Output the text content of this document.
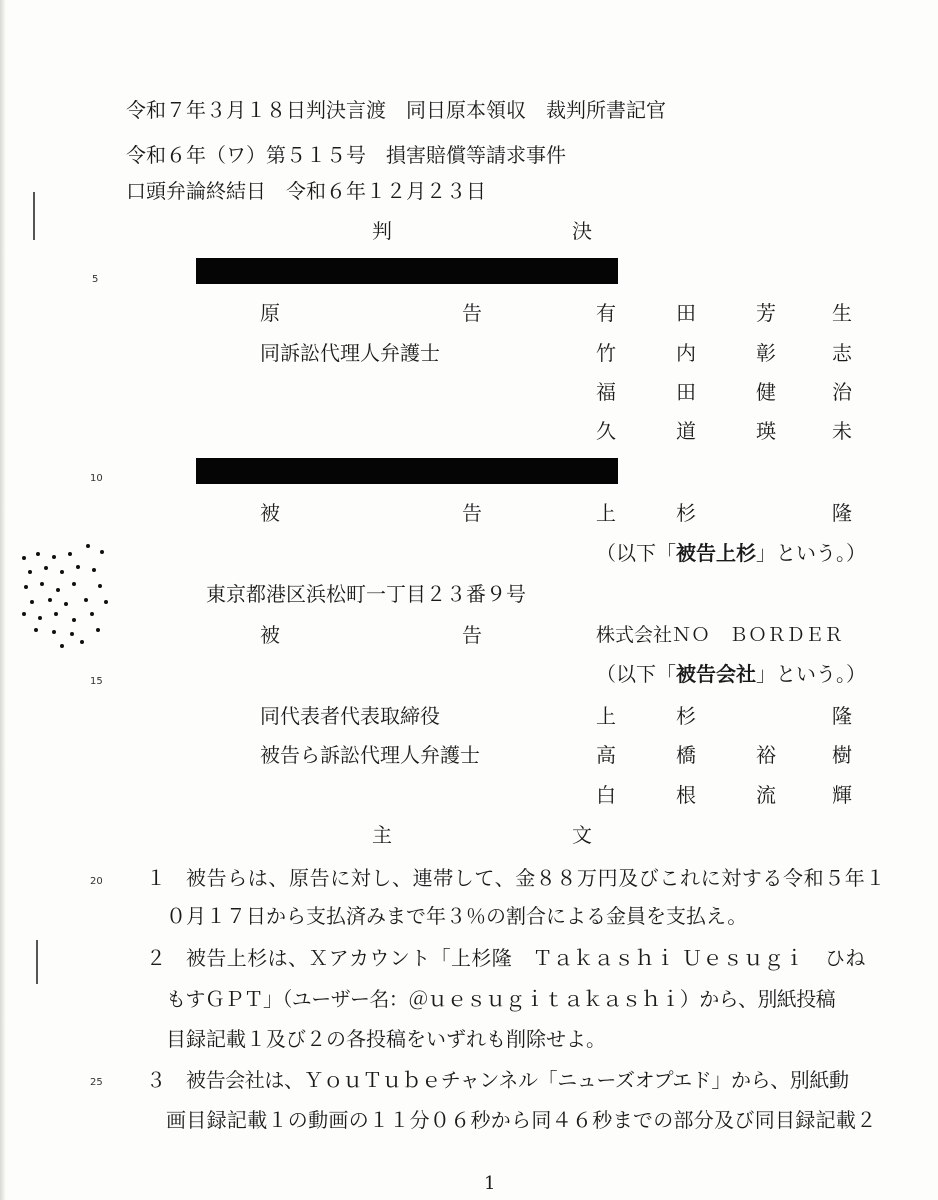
令和７年３月１８日判決言渡　同日原本領収　裁判所書記官
令和６年（ワ）第５１５号　損害賠償等請求事件
口頭弁論終結日　令和６年１２月２３日
判	決
5
10
15
20
25
原	告	有	田	芳	生
同訴訟代理人弁護士	竹	内	彰	志
福	田	健	治
久	道	瑛	未
被	告	上	杉	隆
（以下「被告上杉」という。）
東京都港区浜松町一丁目２３番９号
被	告	株式会社ＮＯ　ＢＯＲＤＥＲ
（以下「被告会社」という。）
同代表者代表取締役	上	杉	隆
被告ら訴訟代理人弁護士	高	橋	裕	樹
白	根	流	輝
主	文
１ 被告らは、原告に対し、連帯して、金８８万円及びこれに対する令和５年１
０月１７日から支払済みまで年３％の割合による金員を支払え。
２ 被告上杉は、Ｘアカウント「上杉隆　Ｔａｋａｓｈｉ Ｕｅｓｕｇｉ　ひね
もすＧＰＴ」（ユーザー名：＠ｕｅｓｕｇｉｔａｋａｓｈｉ）から、別紙投稿
目録記載１及び２の各投稿をいずれも削除せよ。
３ 被告会社は、ＹｏｕＴｕｂｅチャンネル「ニューズオプエド」から、別紙動
画目録記載１の動画の１１分０６秒から同４６秒までの部分及び同目録記載２
1
